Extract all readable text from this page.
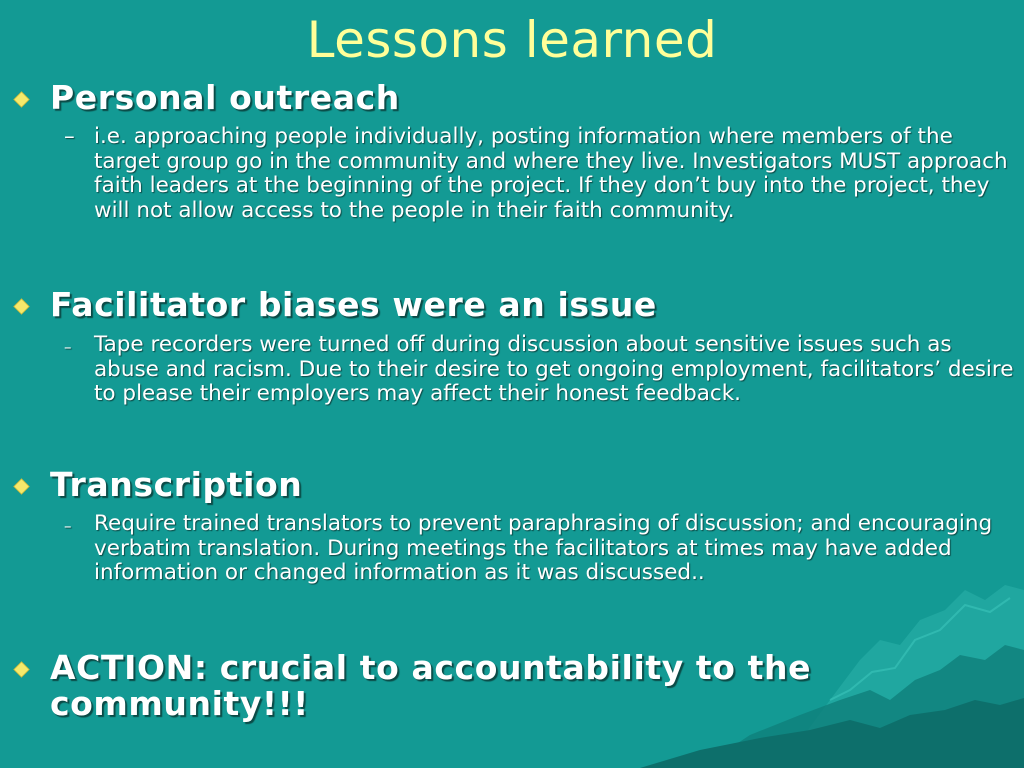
Lessons learned
Personal outreach
– i.e. approaching people individually, posting information where members of the target group go in the community and where they live. Investigators MUST approach faith leaders at the beginning of the project. If they don’t buy into the project, they will not allow access to the people in their faith community.
Facilitator biases were an issue
–	Tape recorders were turned off during discussion about sensitive issues such as abuse and racism. Due to their desire to get ongoing employment, facilitators’ desire to please their employers may affect their honest feedback.
Transcription
–	Require trained translators to prevent paraphrasing of discussion; and encouraging verbatim translation. During meetings the facilitators at times may have added information or changed information as it was discussed..
ACTION: crucial to accountability to the community!!!
